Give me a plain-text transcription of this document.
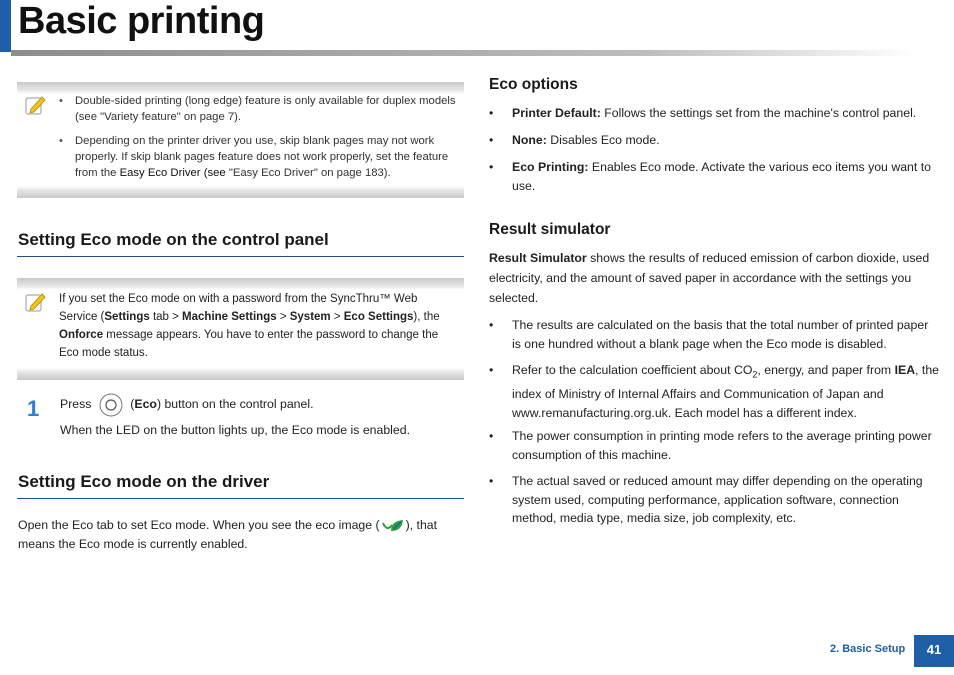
Basic printing
• Double-sided printing (long edge) feature is only available for duplex models (see "Variety feature" on page 7).
• Depending on the printer driver you use, skip blank pages may not work properly. If skip blank pages feature does not work properly, set the feature from the Easy Eco Driver (see "Easy Eco Driver" on page 183).
Setting Eco mode on the control panel
If you set the Eco mode on with a password from the SyncThru™ Web Service (Settings tab > Machine Settings > System > Eco Settings), the Onforce message appears. You have to enter the password to change the Eco mode status.
1 Press	(Eco) button on the control panel.
When the LED on the button lights up, the Eco mode is enabled.
Setting Eco mode on the driver
Open the Eco tab to set Eco mode. When you see the eco image ( ), that means the Eco mode is currently enabled.
Eco options
• Printer Default: Follows the settings set from the machine's control panel.
• None: Disables Eco mode.
• Eco Printing: Enables Eco mode. Activate the various eco items you want to use.
Result simulator
Result Simulator shows the results of reduced emission of carbon dioxide, used electricity, and the amount of saved paper in accordance with the settings you selected.
• The results are calculated on the basis that the total number of printed paper is one hundred without a blank page when the Eco mode is disabled.
• Refer to the calculation coefficient about $CO_2$, energy, and paper from IEA, the index of Ministry of Internal Affairs and Communication of Japan and www.remanufacturing.org.uk. Each model has a different index.
• The power consumption in printing mode refers to the average printing power consumption of this machine.
• The actual saved or reduced amount may differ depending on the operating system used, computing performance, application software, connection method, media type, media size, job complexity, etc.
2. Basic Setup	41
